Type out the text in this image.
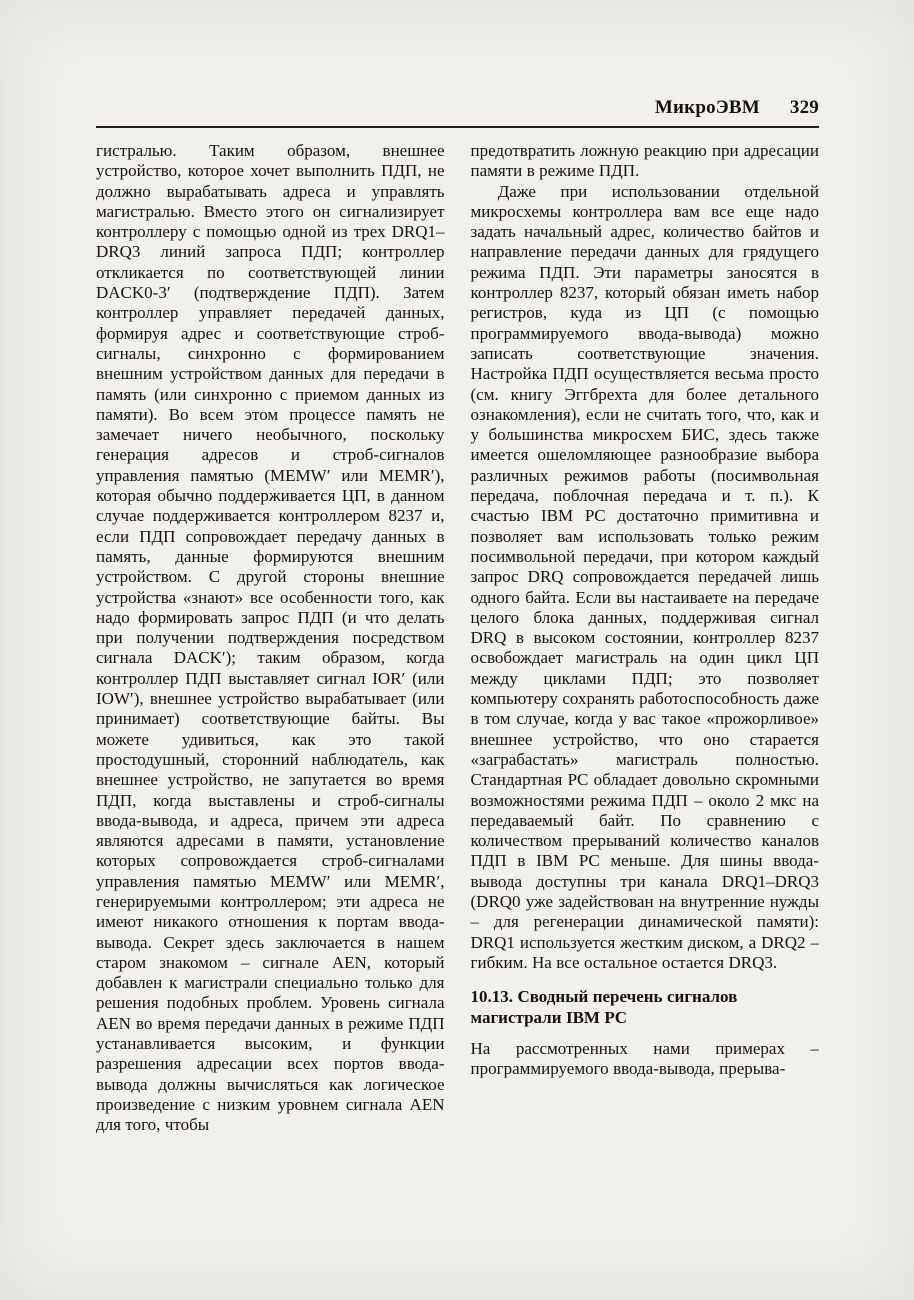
МикроЭВМ 329

гистралью. Таким образом, внешнее устройство, которое хочет выполнить ПДП, не должно вырабатывать адреса и управлять магистралью. Вместо этого он сигнализирует контроллеру с помощью одной из трех DRQ1–DRQ3 линий запроса ПДП; контроллер откликается по соответствующей линии DACK0-3′ (подтверждение ПДП). Затем контроллер управляет передачей данных, формируя адрес и соответствующие строб-сигналы, синхронно с формированием внешним устройством данных для передачи в память (или синхронно с приемом данных из памяти). Во всем этом процессе память не замечает ничего необычного, поскольку генерация адресов и строб-сигналов управления памятью (MEMW′ или MEMR′), которая обычно поддерживается ЦП, в данном случае поддерживается контроллером 8237 и, если ПДП сопровождает передачу данных в память, данные формируются внешним устройством. С другой стороны внешние устройства «знают» все особенности того, как надо формировать запрос ПДП (и что делать при получении подтверждения посредством сигнала DACK′); таким образом, когда контроллер ПДП выставляет сигнал IOR′ (или IOW′), внешнее устройство вырабатывает (или принимает) соответствующие байты. Вы можете удивиться, как это такой простодушный, сторонний наблюдатель, как внешнее устройство, не запутается во время ПДП, когда выставлены и строб-сигналы ввода-вывода, и адреса, причем эти адреса являются адресами в памяти, установление которых сопровождается строб-сигналами управления памятью MEMW′ или MEMR′, генерируемыми контроллером; эти адреса не имеют никакого отношения к портам ввода-вывода. Секрет здесь заключается в нашем старом знакомом – сигнале AEN, который добавлен к магистрали специально только для решения подобных проблем. Уровень сигнала AEN во время передачи данных в режиме ПДП устанавливается высоким, и функции разрешения адресации всех портов ввода-вывода должны вычисляться как логическое произведение с низким уровнем сигнала AEN для того, чтобы

предотвратить ложную реакцию при адресации памяти в режиме ПДП.

Даже при использовании отдельной микросхемы контроллера вам все еще надо задать начальный адрес, количество байтов и направление передачи данных для грядущего режима ПДП. Эти параметры заносятся в контроллер 8237, который обязан иметь набор регистров, куда из ЦП (с помощью программируемого ввода-вывода) можно записать соответствующие значения. Настройка ПДП осуществляется весьма просто (см. книгу Эггбрехта для более детального ознакомления), если не считать того, что, как и у большинства микросхем БИС, здесь также имеется ошеломляющее разнообразие выбора различных режимов работы (посимвольная передача, поблочная передача и т. п.). К счастью IBM PC достаточно примитивна и позволяет вам использовать только режим посимвольной передачи, при котором каждый запрос DRQ сопровождается передачей лишь одного байта. Если вы настаиваете на передаче целого блока данных, поддерживая сигнал DRQ в высоком состоянии, контроллер 8237 освобождает магистраль на один цикл ЦП между циклами ПДП; это позволяет компьютеру сохранять работоспособность даже в том случае, когда у вас такое «прожорливое» внешнее устройство, что оно старается «заграбастать» магистраль полностью. Стандартная PC обладает довольно скромными возможностями режима ПДП – около 2 мкс на передаваемый байт. По сравнению с количеством прерываний количество каналов ПДП в IBM PC меньше. Для шины ввода-вывода доступны три канала DRQ1–DRQ3 (DRQ0 уже задействован на внутренние нужды – для регенерации динамической памяти): DRQ1 используется жестким диском, а DRQ2 – гибким. На все остальное остается DRQ3.

10.13. Сводный перечень сигналов магистрали IBM PC

На рассмотренных нами примерах – программируемого ввода-вывода, прерыва-
